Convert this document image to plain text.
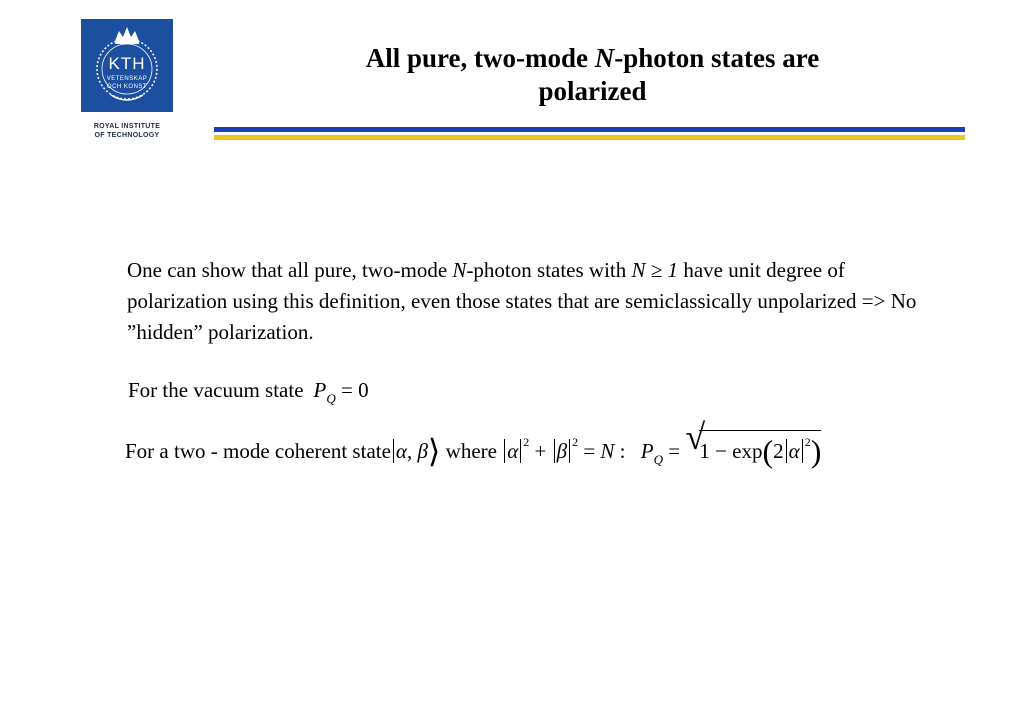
KTH
VETENSKAP
OCH KONST
ROYAL INSTITUTE
OF TECHNOLOGY
All pure, two-mode N-photon states are
polarized
One can show that all pure, two-mode N-photon states with N ≥ 1 have unit degree of polarization using this definition, even those states that are semiclassically unpolarized => No ”hidden” polarization.
For the vacuum state $P_Q = 0$
For a two - mode coherent state α, β⟩ where α $^2$ + β $^2$ = N : $P_Q$ = √
1 − exp(2 α $^2$)
